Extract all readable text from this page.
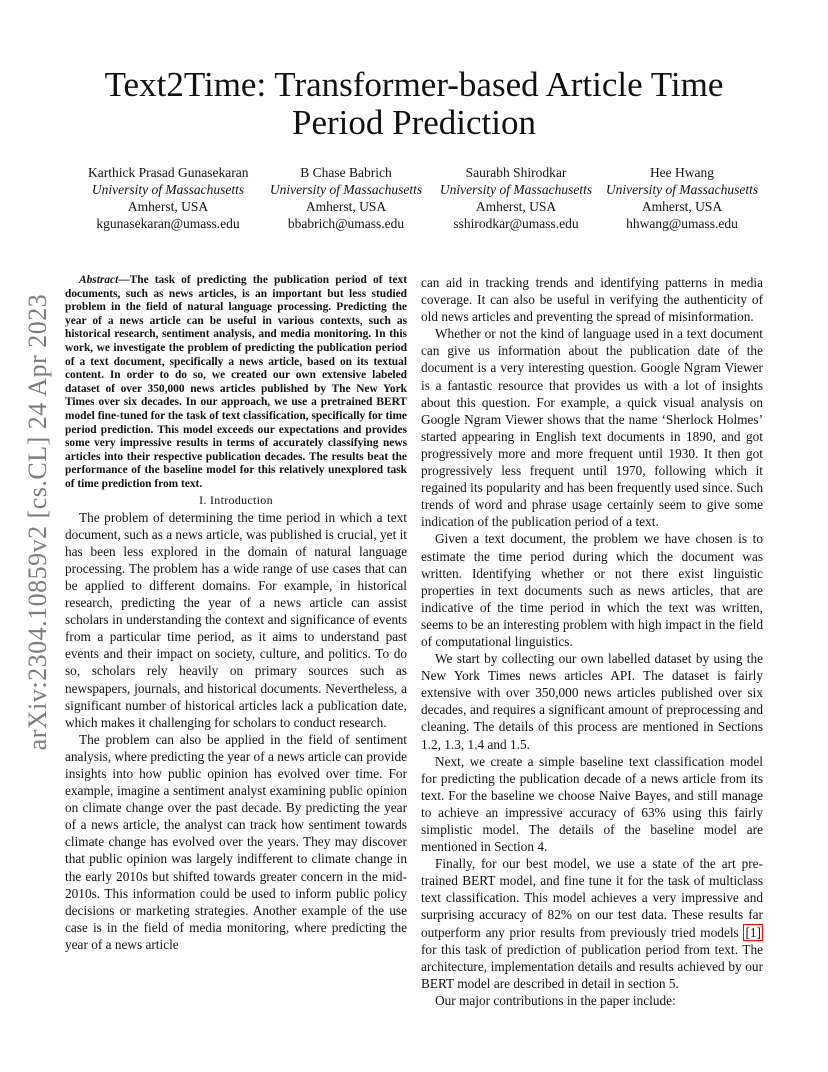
arXiv:2304.10859v2 [cs.CL] 24 Apr 2023
Text2Time: Transformer-based Article Time Period Prediction
Karthick Prasad Gunasekaran
University of Massachusetts
Amherst, USA
kgunasekaran@umass.edu
B Chase Babrich
University of Massachusetts
Amherst, USA
bbabrich@umass.edu
Saurabh Shirodkar
University of Massachusetts
Amherst, USA
sshirodkar@umass.edu
Hee Hwang
University of Massachusetts
Amherst, USA
hhwang@umass.edu

Abstract—The task of predicting the publication period of text documents, such as news articles, is an important but less studied problem in the field of natural language processing. Predicting the year of a news article can be useful in various contexts, such as historical research, sentiment analysis, and media monitoring. In this work, we investigate the problem of predicting the publication period of a text document, specifically a news article, based on its textual content. In order to do so, we created our own extensive labeled dataset of over 350,000 news articles published by The New York Times over six decades. In our approach, we use a pretrained BERT model fine-tuned for the task of text classification, specifically for time period prediction. This model exceeds our expectations and provides some very impressive results in terms of accurately classifying news articles into their respective publication decades. The results beat the performance of the baseline model for this relatively unexplored task of time prediction from text.

I. Introduction

The problem of determining the time period in which a text document, such as a news article, was published is crucial, yet it has been less explored in the domain of natural language processing. The problem has a wide range of use cases that can be applied to different domains. For example, in historical research, predicting the year of a news article can assist scholars in understanding the context and significance of events from a particular time period, as it aims to understand past events and their impact on society, culture, and politics. To do so, scholars rely heavily on primary sources such as newspapers, journals, and historical documents. Nevertheless, a significant number of historical articles lack a publication date, which makes it challenging for scholars to conduct research.

The problem can also be applied in the field of sentiment analysis, where predicting the year of a news article can provide insights into how public opinion has evolved over time. For example, imagine a sentiment analyst examining public opinion on climate change over the past decade. By predicting the year of a news article, the analyst can track how sentiment towards climate change has evolved over the years. They may discover that public opinion was largely indifferent to climate change in the early 2010s but shifted towards greater concern in the mid-2010s. This information could be used to inform public policy decisions or marketing strategies. Another example of the use case is in the field of media monitoring, where predicting the year of a news article

can aid in tracking trends and identifying patterns in media coverage. It can also be useful in verifying the authenticity of old news articles and preventing the spread of misinformation.

Whether or not the kind of language used in a text document can give us information about the publication date of the document is a very interesting question. Google Ngram Viewer is a fantastic resource that provides us with a lot of insights about this question. For example, a quick visual analysis on Google Ngram Viewer shows that the name ‘Sherlock Holmes’ started appearing in English text documents in 1890, and got progressively more and more frequent until 1930. It then got progressively less frequent until 1970, following which it regained its popularity and has been frequently used since. Such trends of word and phrase usage certainly seem to give some indication of the publication period of a text.

Given a text document, the problem we have chosen is to estimate the time period during which the document was written. Identifying whether or not there exist linguistic properties in text documents such as news articles, that are indicative of the time period in which the text was written, seems to be an interesting problem with high impact in the field of computational linguistics.

We start by collecting our own labelled dataset by using the New York Times news articles API. The dataset is fairly extensive with over 350,000 news articles published over six decades, and requires a significant amount of preprocessing and cleaning. The details of this process are mentioned in Sections 1.2, 1.3, 1.4 and 1.5.

Next, we create a simple baseline text classification model for predicting the publication decade of a news article from its text. For the baseline we choose Naive Bayes, and still manage to achieve an impressive accuracy of 63% using this fairly simplistic model. The details of the baseline model are mentioned in Section 4.

Finally, for our best model, we use a state of the art pre-trained BERT model, and fine tune it for the task of multiclass text classification. This model achieves a very impressive and surprising accuracy of 82% on our test data. These results far outperform any prior results from previously tried models [1] for this task of prediction of publication period from text. The architecture, implementation details and results achieved by our BERT model are described in detail in section 5.

Our major contributions in the paper include:
